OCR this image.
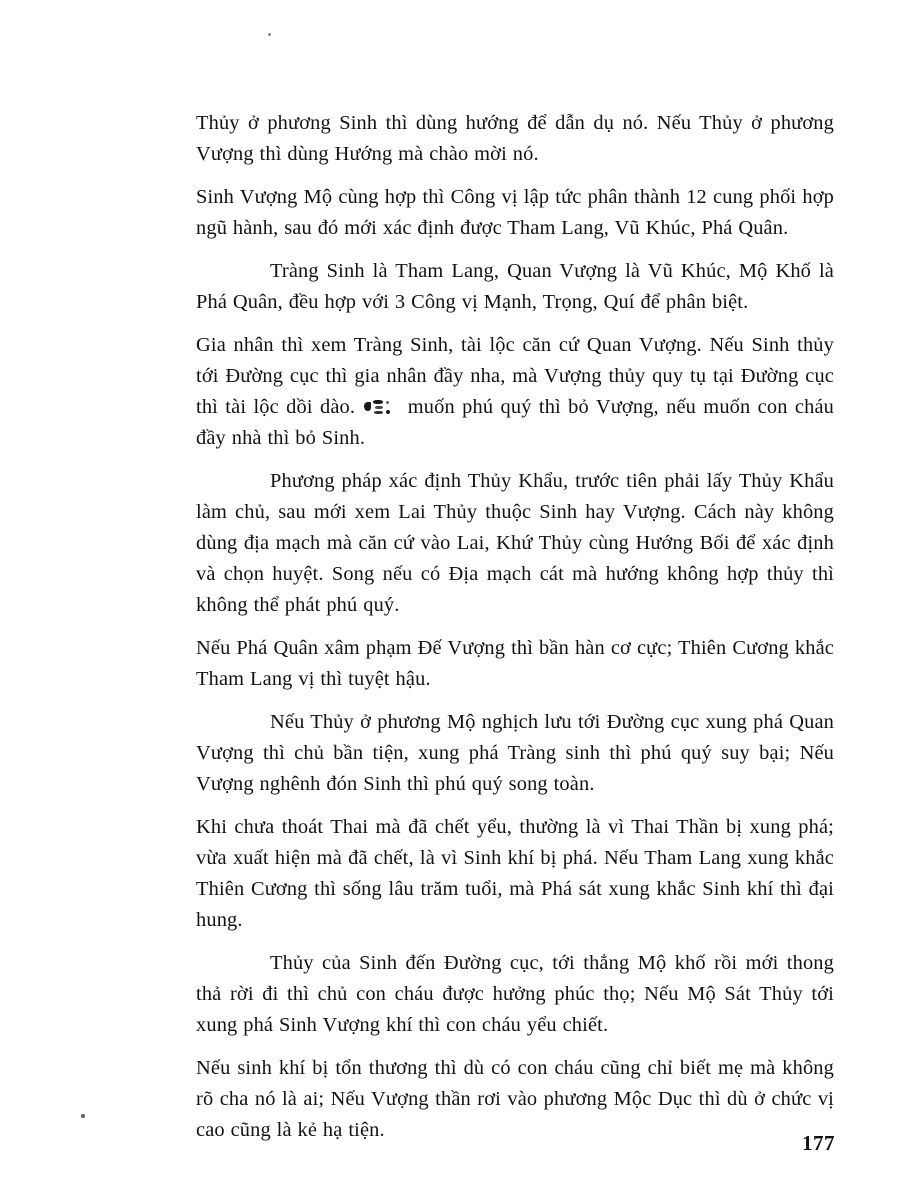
Thủy ở phương Sinh thì dùng hướng để dẫn dụ nó. Nếu Thủy ở phương Vượng thì dùng Hướng mà chào mời nó.

Sinh Vượng Mộ cùng hợp thì Công vị lập tức phân thành 12 cung phối hợp ngũ hành, sau đó mới xác định được Tham Lang, Vũ Khúc, Phá Quân.

Tràng Sinh là Tham Lang, Quan Vượng là Vũ Khúc, Mộ Khố là Phá Quân, đều hợp với 3 Công vị Mạnh, Trọng, Quí để phân biệt.

Gia nhân thì xem Tràng Sinh, tài lộc căn cứ Quan Vượng. Nếu Sinh thủy tới Đường cục thì gia nhân đầy nha, mà Vượng thủy quy tụ tại Đường cục thì tài lộc dồi dào.	muốn phú quý thì bỏ Vượng, nếu muốn con cháu đầy nhà thì bỏ Sinh.

Phương pháp xác định Thủy Khẩu, trước tiên phải lấy Thủy Khẩu làm chủ, sau mới xem Lai Thủy thuộc Sinh hay Vượng. Cách này không dùng địa mạch mà căn cứ vào Lai, Khứ Thủy cùng Hướng Bối để xác định và chọn huyệt. Song nếu có Địa mạch cát mà hướng không hợp thủy thì không thể phát phú quý.

Nếu Phá Quân xâm phạm Đế Vượng thì bần hàn cơ cực; Thiên Cương khắc Tham Lang vị thì tuyệt hậu.

Nếu Thủy ở phương Mộ nghịch lưu tới Đường cục xung phá Quan Vượng thì chủ bần tiện, xung phá Tràng sinh thì phú quý suy bại; Nếu Vượng nghênh đón Sinh thì phú quý song toàn.

Khi chưa thoát Thai mà đã chết yểu, thường là vì Thai Thần bị xung phá; vừa xuất hiện mà đã chết, là vì Sinh khí bị phá. Nếu Tham Lang xung khắc Thiên Cương thì sống lâu trăm tuổi, mà Phá sát xung khắc Sinh khí thì đại hung.

Thủy của Sinh đến Đường cục, tới thẳng Mộ khố rồi mới thong thả rời đi thì chủ con cháu được hưởng phúc thọ; Nếu Mộ Sát Thủy tới xung phá Sinh Vượng khí thì con cháu yểu chiết.

Nếu sinh khí bị tổn thương thì dù có con cháu cũng chỉ biết mẹ mà không rõ cha nó là ai; Nếu Vượng thần rơi vào phương Mộc Dục thì dù ở chức vị cao cũng là kẻ hạ tiện.

177
